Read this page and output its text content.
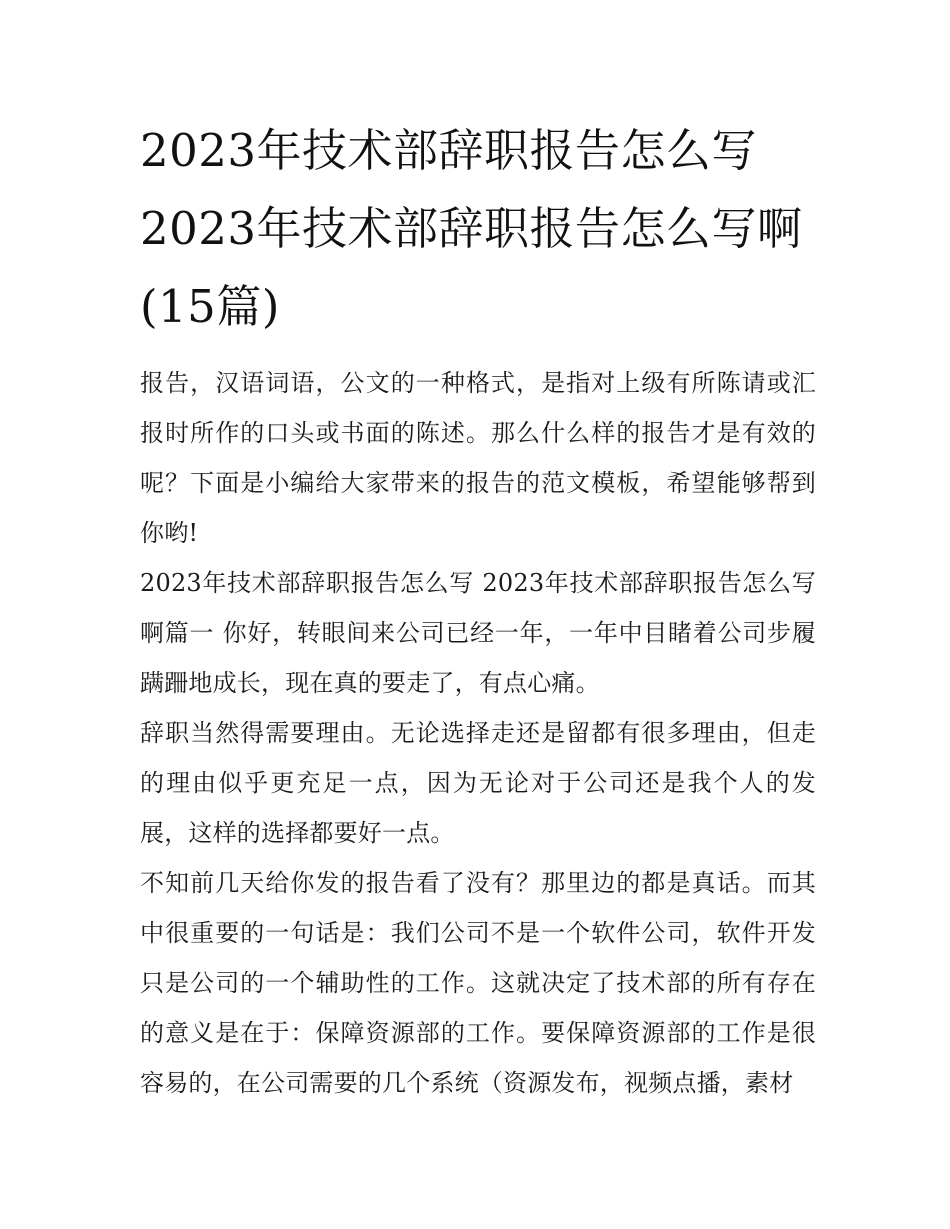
2023年技术部辞职报告怎么写 2023年技术部辞职报告怎么写啊(15篇)

报告，汉语词语，公文的一种格式，是指对上级有所陈请或汇报时所作的口头或书面的陈述。那么什么样的报告才是有效的呢？下面是小编给大家带来的报告的范文模板，希望能够帮到你哟!

2023年技术部辞职报告怎么写 2023年技术部辞职报告怎么写啊篇一 你好，转眼间来公司已经一年，一年中目睹着公司步履蹒跚地成长，现在真的要走了，有点心痛。

辞职当然得需要理由。无论选择走还是留都有很多理由，但走的理由似乎更充足一点，因为无论对于公司还是我个人的发展，这样的选择都要好一点。

不知前几天给你发的报告看了没有？那里边的都是真话。而其中很重要的一句话是：我们公司不是一个软件公司，软件开发只是公司的一个辅助性的工作。这就决定了技术部的所有存在的意义是在于：保障资源部的工作。要保障资源部的工作是很容易的，在公司需要的几个系统（资源发布，视频点播，素材
